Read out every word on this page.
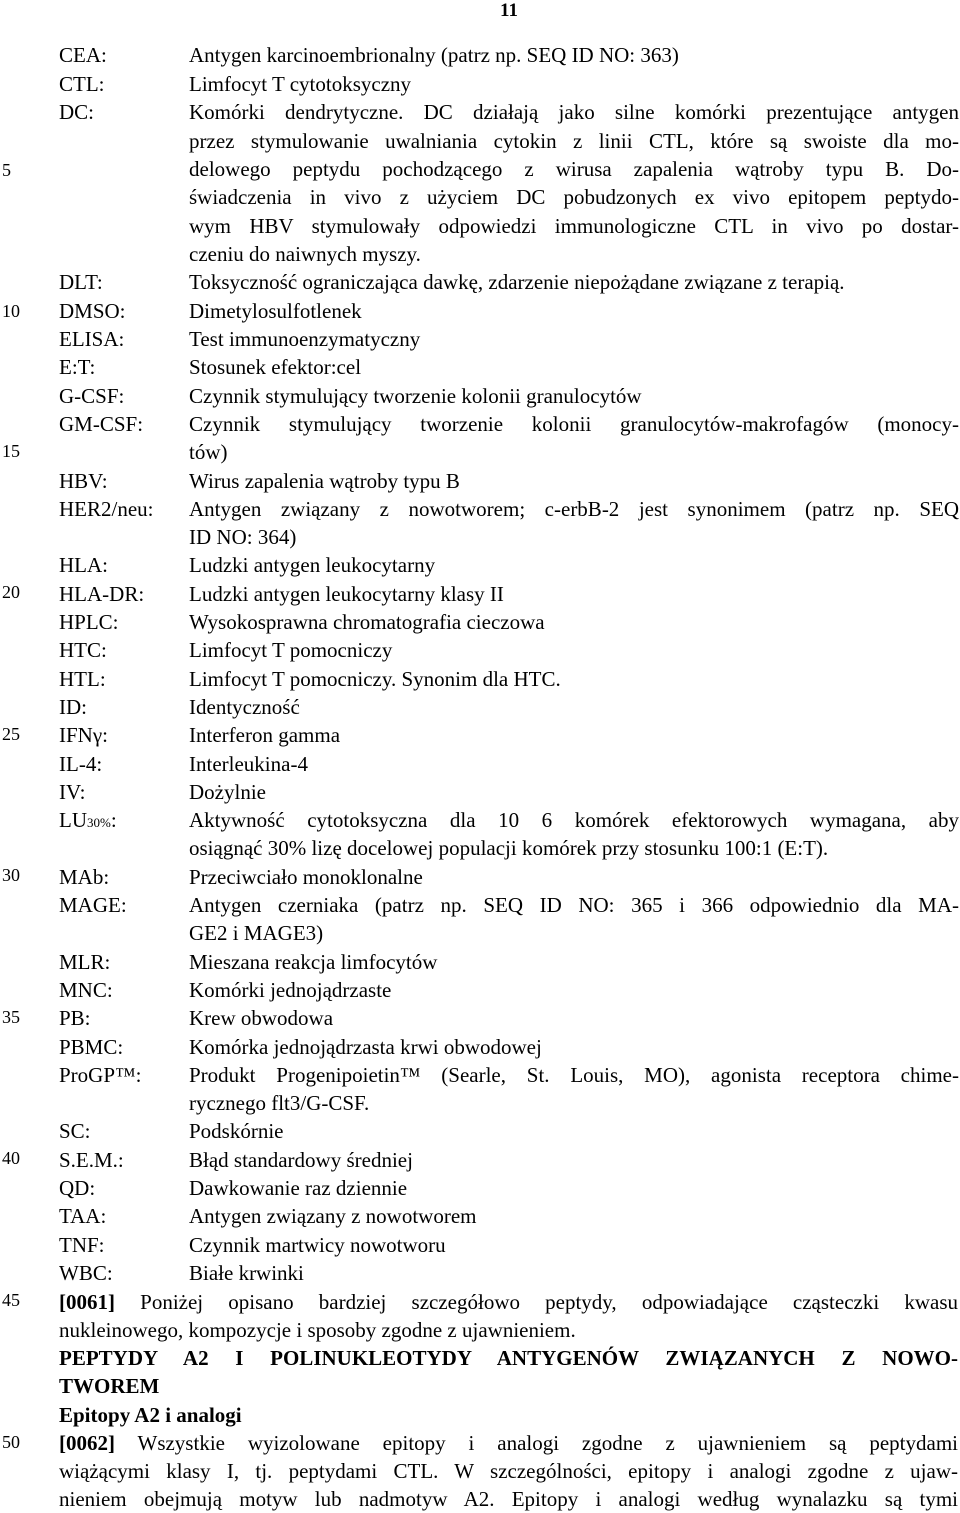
11
5
10
15
20
25
30
35
40
45
50
CEA:	Antygen karcinoembrionalny (patrz np. SEQ ID NO: 363)
CTL:	Limfocyt T cytotoksyczny
DC:	Komórki dendrytyczne. DC działają jako silne komórki prezentujące antygen
przez stymulowanie uwalniania cytokin z linii CTL, które są swoiste dla mo-
delowego peptydu pochodzącego z wirusa zapalenia wątroby typu B. Do-
świadczenia in vivo z użyciem DC pobudzonych ex vivo epitopem peptydo-
wym HBV stymulowały odpowiedzi immunologiczne CTL in vivo po dostar-
czeniu do naiwnych myszy.
DLT:	Toksyczność ograniczająca dawkę, zdarzenie niepożądane związane z terapią.
DMSO:	Dimetylosulfotlenek
ELISA:	Test immunoenzymatyczny
E:T:	Stosunek efektor:cel
G-CSF:	Czynnik stymulujący tworzenie kolonii granulocytów
GM-CSF: Czynnik stymulujący tworzenie kolonii granulocytów-makrofagów (monocy-
tów)
HBV:	Wirus zapalenia wątroby typu B
HER2/neu: Antygen związany z nowotworem; c-erbB-2 jest synonimem (patrz np. SEQ
ID NO: 364)
HLA:	Ludzki antygen leukocytarny
HLA-DR: Ludzki antygen leukocytarny klasy II
HPLC:	Wysokosprawna chromatografia cieczowa
HTC:	Limfocyt T pomocniczy
HTL:	Limfocyt T pomocniczy. Synonim dla HTC.
ID:	Identyczność
IFNγ:	Interferon gamma
IL-4:	Interleukina-4
IV:	Dożylnie
LU30%:	Aktywność cytotoksyczna dla 10 6 komórek efektorowych wymagana, aby
osiągnąć 30% lizę docelowej populacji komórek przy stosunku 100:1 (E:T).
MAb:	Przeciwciało monoklonalne
MAGE:	Antygen czerniaka (patrz np. SEQ ID NO: 365 i 366 odpowiednio dla MA-
GE2 i MAGE3)
MLR:	Mieszana reakcja limfocytów
MNC:	Komórki jednojądrzaste
PB:	Krew obwodowa
PBMC:	Komórka jednojądrzasta krwi obwodowej
ProGP™: Produkt Progenipoietin™ (Searle, St. Louis, MO), agonista receptora chime-
rycznego flt3/G-CSF.
SC:	Podskórnie
S.E.M.:	Błąd standardowy średniej
QD:	Dawkowanie raz dziennie
TAA:	Antygen związany z nowotworem
TNF:	Czynnik martwicy nowotworu
WBC:	Białe krwinki
[0061] Poniżej opisano bardziej szczegółowo peptydy, odpowiadające cząsteczki kwasu
nukleinowego, kompozycje i sposoby zgodne z ujawnieniem.
PEPTYDY A2 I POLINUKLEOTYDY ANTYGENÓW ZWIĄZANYCH Z NOWO-
TWOREM
Epitopy A2 i analogi
[0062] Wszystkie wyizolowane epitopy i analogi zgodne z ujawnieniem są peptydami
wiążącymi klasy I, tj. peptydami CTL. W szczególności, epitopy i analogi zgodne z ujaw-
nieniem obejmują motyw lub nadmotyw A2. Epitopy i analogi według wynalazku są tymi
